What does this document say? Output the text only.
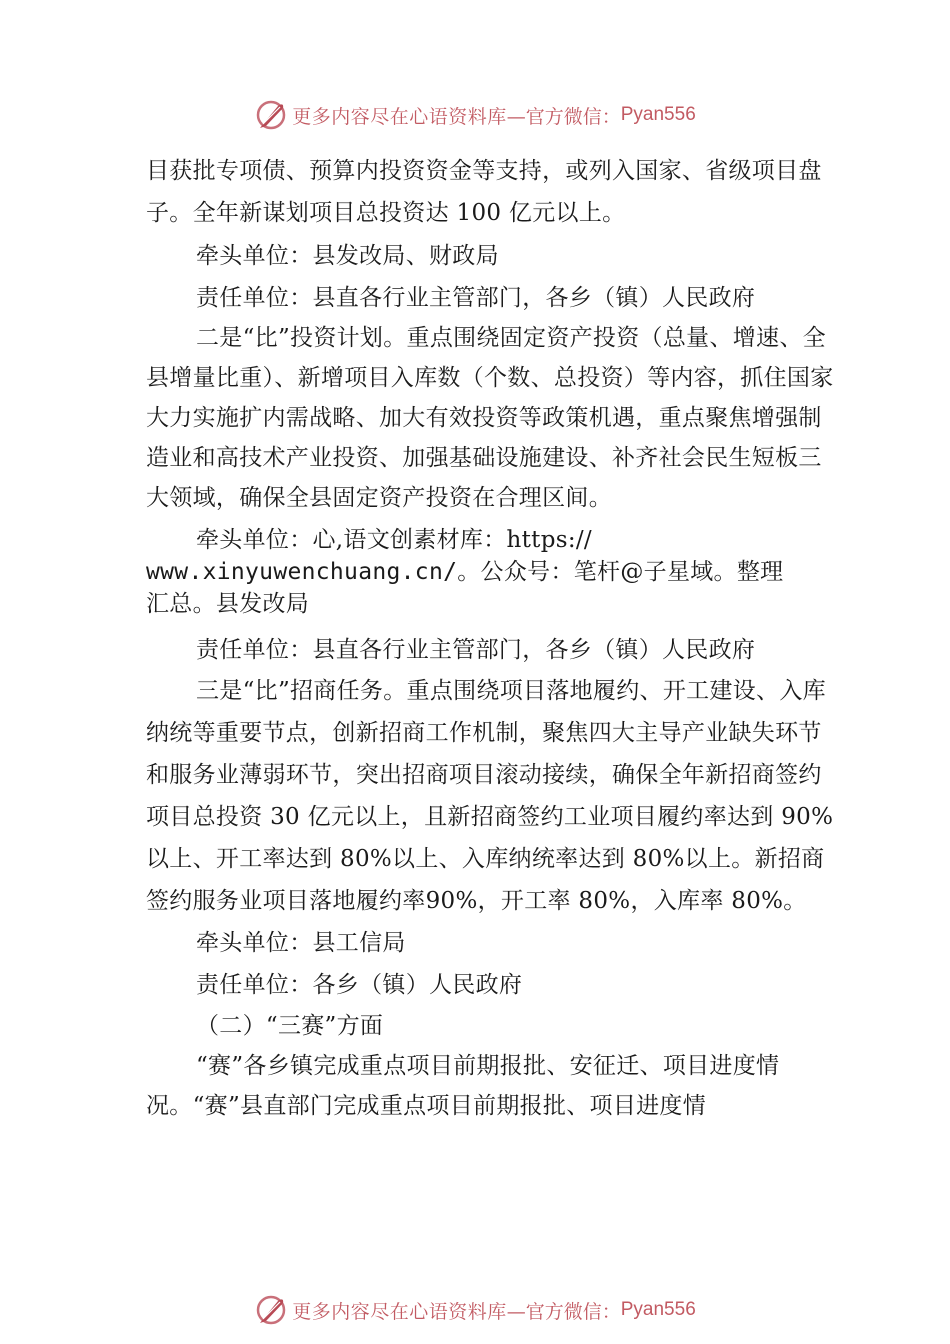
更多内容尽在心语资料库 —官方微信： Pyan556

目获批专项债、预算内投资资金等支持，或列入国家、省级项目盘子。全年新谋划项目总投资达 100 亿元以上。

牵头单位：县发改局、财政局

责任单位：县直各行业主管部门，各乡（镇）人民政府

二是“比”投资计划。重点围绕固定资产投资（总量、增速、全县增量比重）、新增项目入库数（个数、总投资）等内容，抓住国家大力实施扩内需战略、加大有效投资等政策机遇，重点聚焦增强制造业和高技术产业投资、加强基础设施建设、补齐社会民生短板三大领域，确保全县固定资产投资在合理区间。

牵头单位：心,语文创素材库：https://

www.xinyuwenchuang.cn/。公众号：笔杆@子星域。整理

汇总。县发改局

责任单位：县直各行业主管部门，各乡（镇）人民政府

三是“比”招商任务。重点围绕项目落地履约、开工建设、入库纳统等重要节点，创新招商工作机制，聚焦四大主导产业缺失环节和服务业薄弱环节，突出招商项目滚动接续，确保全年新招商签约项目总投资 30 亿元以上，且新招商签约工业项目履约率达到 90%以上、开工率达到 80%以上、入库纳统率达到 80%以上。新招商签约服务业项目落地履约率90%，开工率 80%，入库率 80%。

牵头单位：县工信局

责任单位：各乡（镇）人民政府

（二）“三赛”方面

“赛”各乡镇完成重点项目前期报批、安征迁、项目进度情况。“赛”县直部门完成重点项目前期报批、项目进度情

更多内容尽在心语资料库 —官方微信： Pyan556
